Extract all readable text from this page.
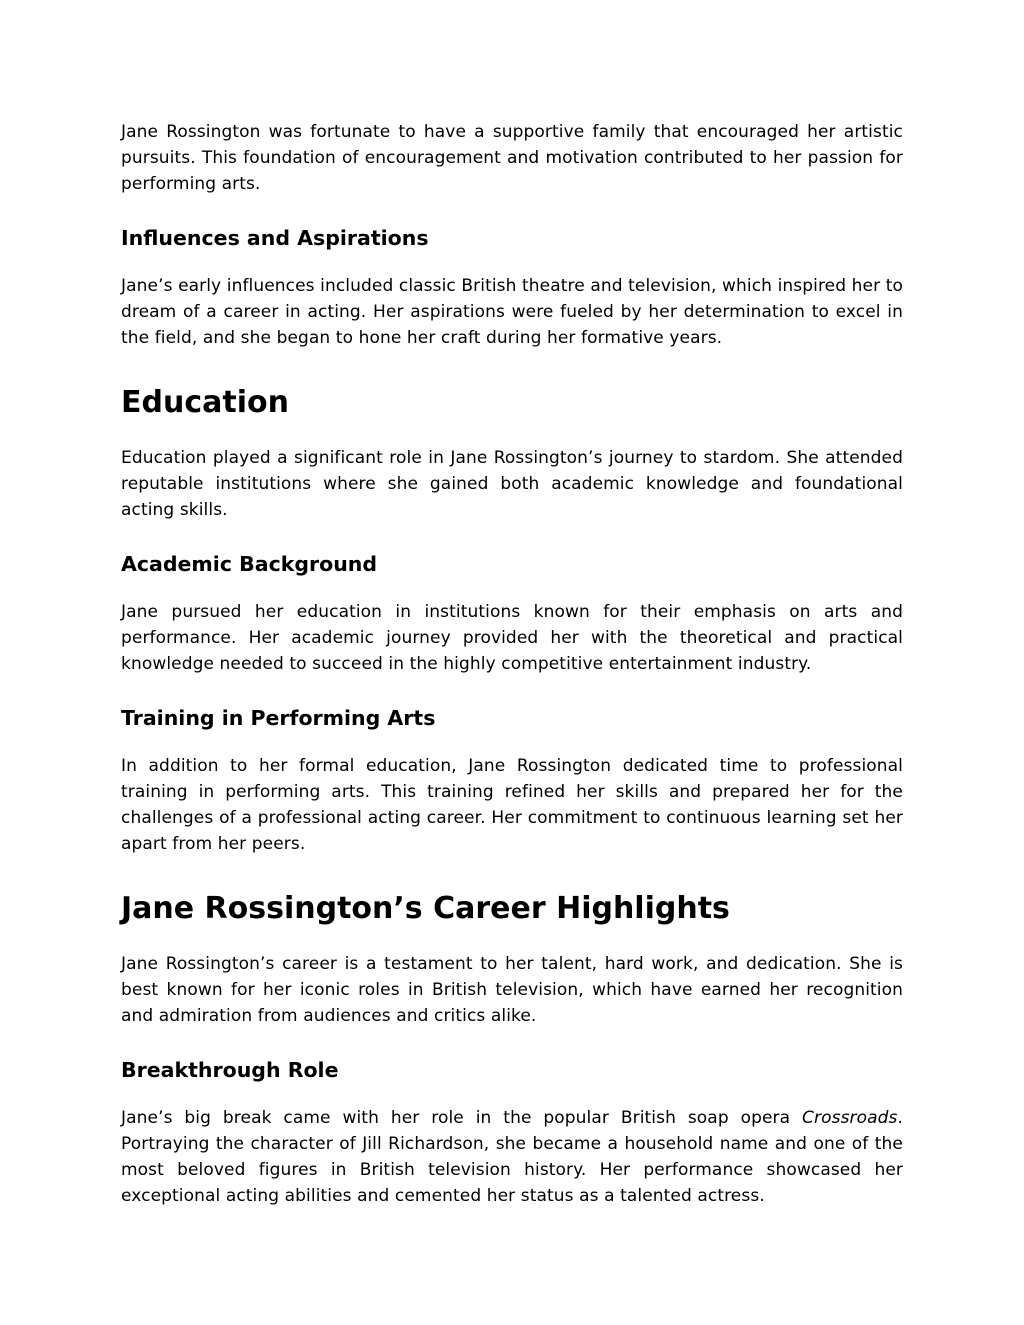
Jane Rossington was fortunate to have a supportive family that encouraged her artistic pursuits. This foundation of encouragement and motivation contributed to her passion for performing arts.

Influences and Aspirations

Jane’s early influences included classic British theatre and television, which inspired her to dream of a career in acting. Her aspirations were fueled by her determination to excel in the field, and she began to hone her craft during her formative years.

Education

Education played a significant role in Jane Rossington’s journey to stardom. She attended reputable institutions where she gained both academic knowledge and foundational acting skills.

Academic Background

Jane pursued her education in institutions known for their emphasis on arts and performance. Her academic journey provided her with the theoretical and practical knowledge needed to succeed in the highly competitive entertainment industry.

Training in Performing Arts

In addition to her formal education, Jane Rossington dedicated time to professional training in performing arts. This training refined her skills and prepared her for the challenges of a professional acting career. Her commitment to continuous learning set her apart from her peers.

Jane Rossington’s Career Highlights

Jane Rossington’s career is a testament to her talent, hard work, and dedication. She is best known for her iconic roles in British television, which have earned her recognition and admiration from audiences and critics alike.

Breakthrough Role

Jane’s big break came with her role in the popular British soap opera Crossroads. Portraying the character of Jill Richardson, she became a household name and one of the most beloved figures in British television history. Her performance showcased her exceptional acting abilities and cemented her status as a talented actress.
